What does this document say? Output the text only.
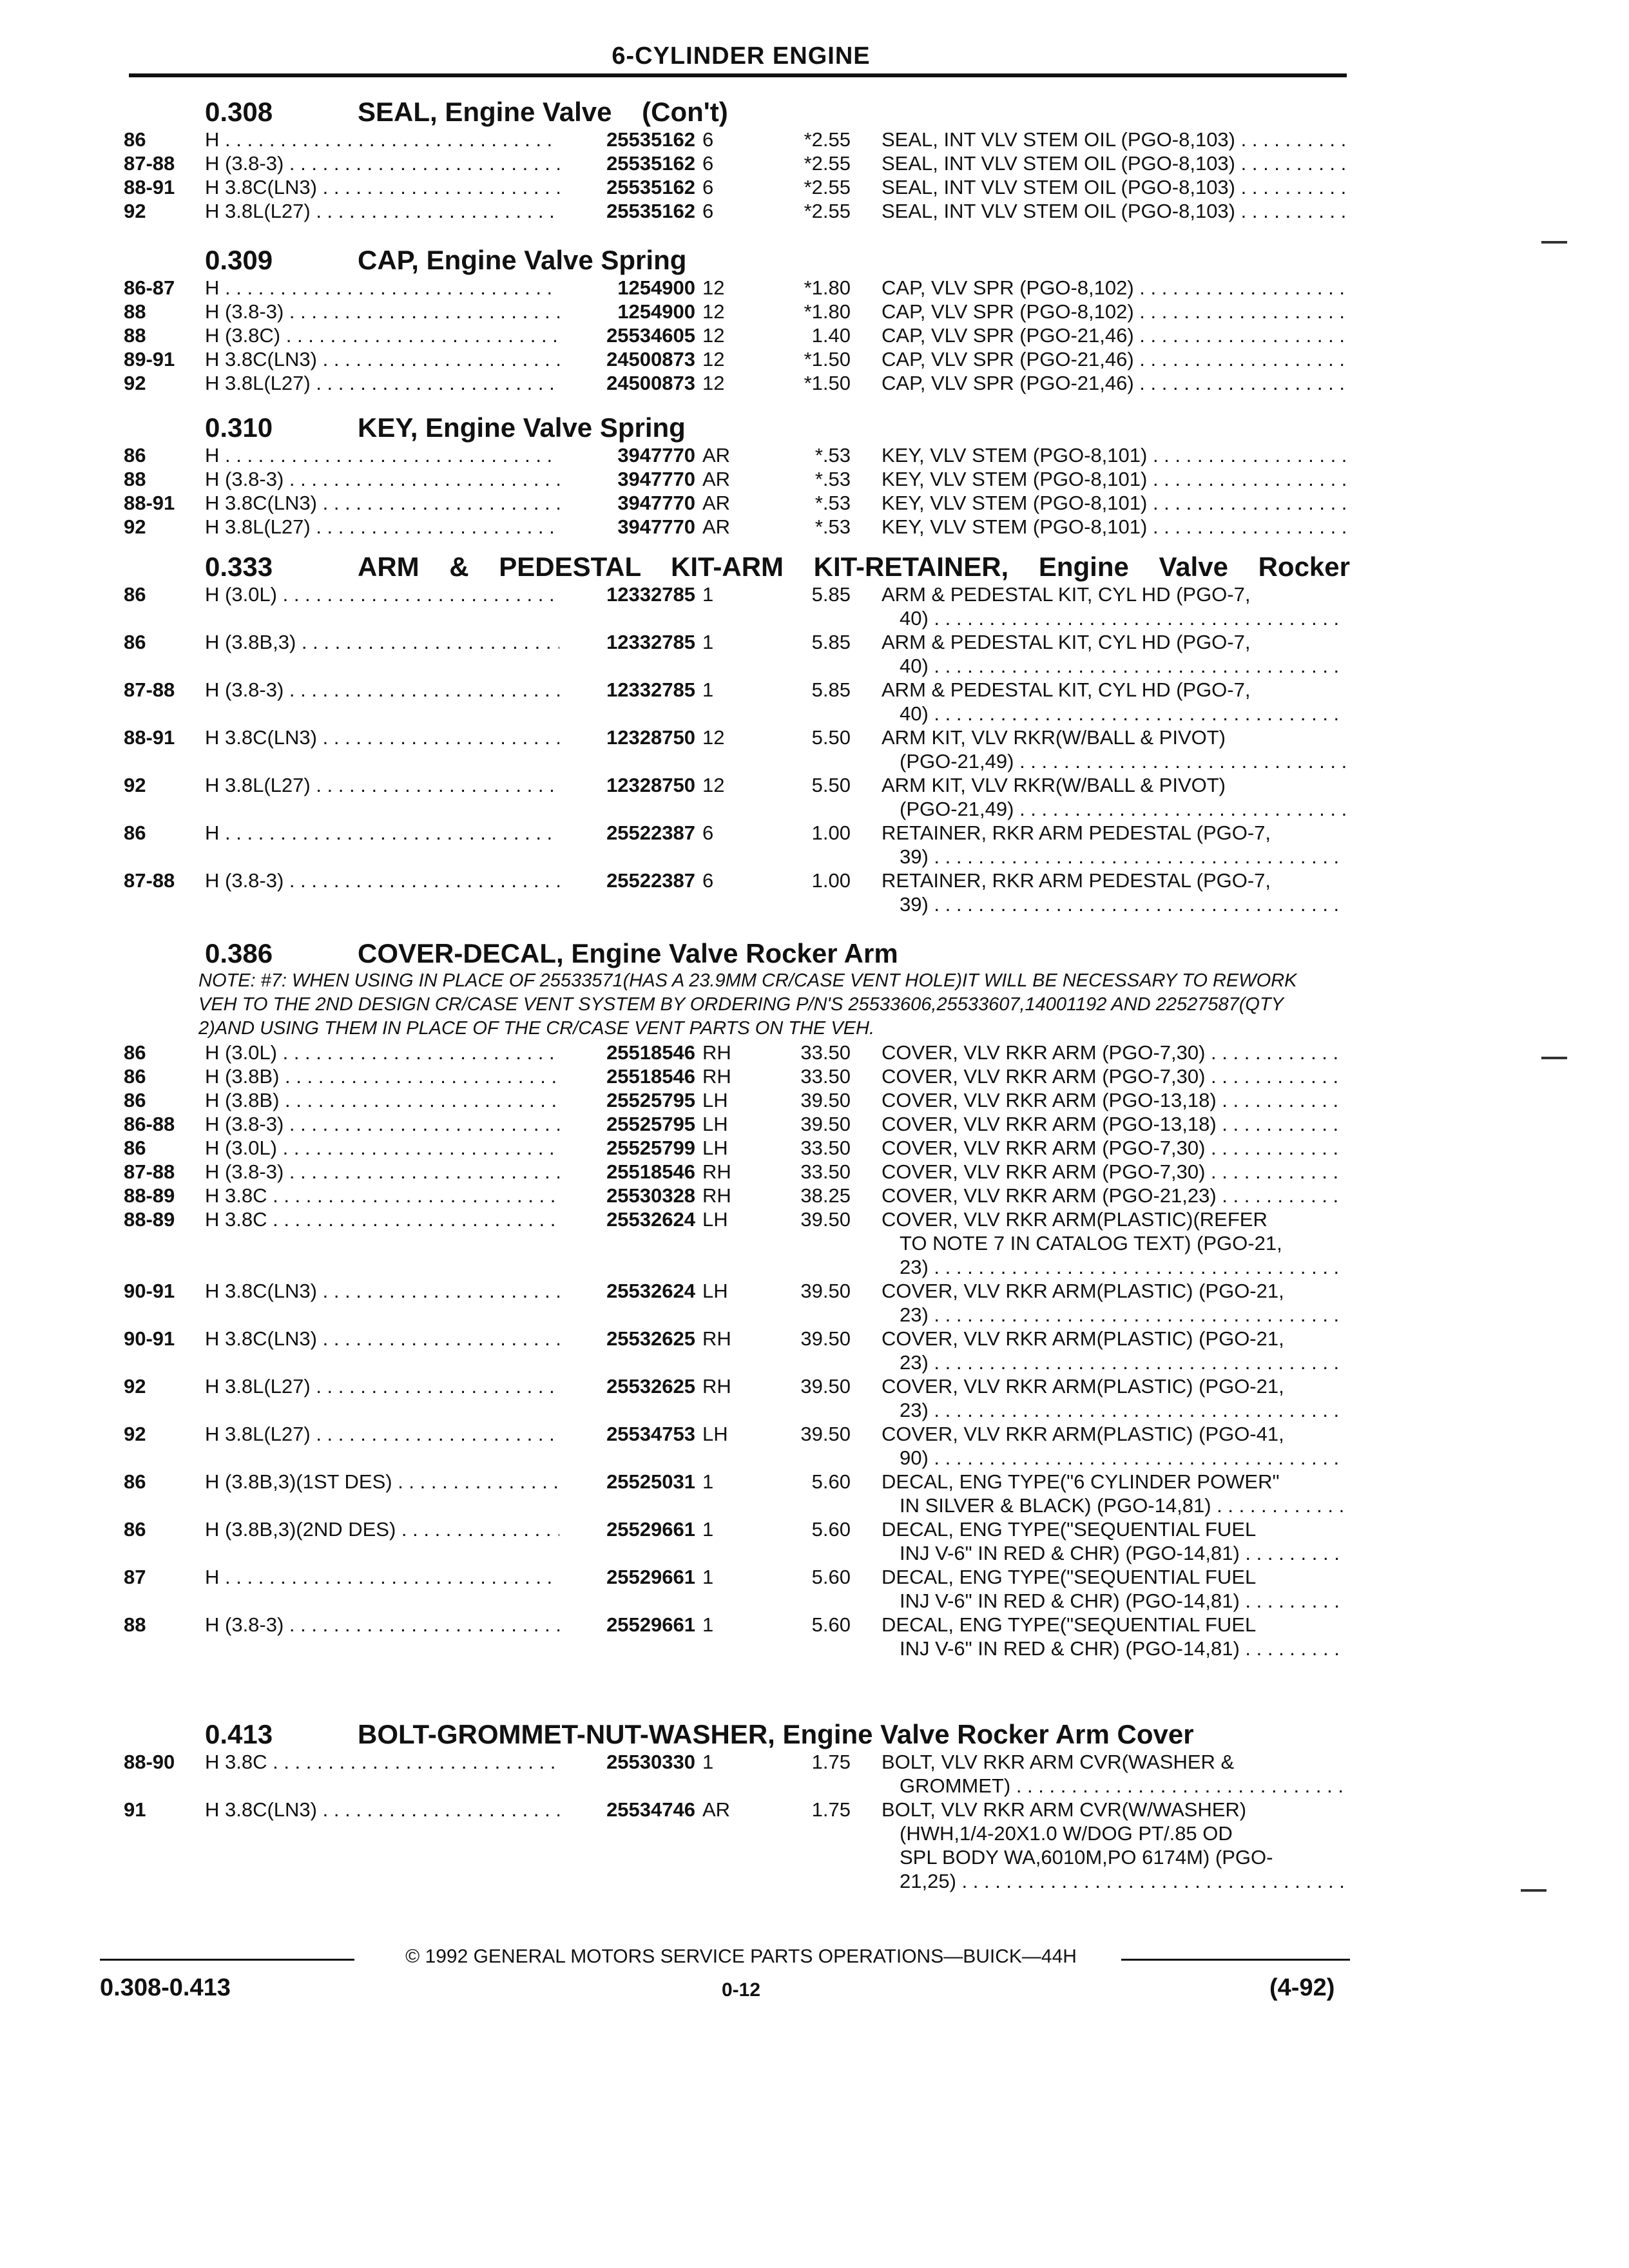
6-CYLINDER ENGINE
0.308	SEAL, Engine Valve    (Con't)
86	H . . .	25535162 6	*2.55 SEAL, INT VLV STEM OIL (PGO-8,103) . . .
87-88 H (3.8-3) . . .	25535162 6	*2.55 SEAL, INT VLV STEM OIL (PGO-8,103) . . .
88-91 H 3.8C(LN3) . . .	25535162 6	*2.55 SEAL, INT VLV STEM OIL (PGO-8,103) . . .
92	H 3.8L(L27) . . .	25535162 6	*2.55 SEAL, INT VLV STEM OIL (PGO-8,103) . . .
0.309	CAP, Engine Valve Spring
86-87 H . . .	1254900 12	*1.80 CAP, VLV SPR (PGO-8,102) . . .
88	H (3.8-3) . . .	1254900 12	*1.80 CAP, VLV SPR (PGO-8,102) . . .
88	H (3.8C) . . .	25534605 12	1.40 CAP, VLV SPR (PGO-21,46) . . .
89-91 H 3.8C(LN3) . . .	24500873 12	*1.50 CAP, VLV SPR (PGO-21,46) . . .
92	H 3.8L(L27) . . .	24500873 12	*1.50 CAP, VLV SPR (PGO-21,46) . . .
0.310	KEY, Engine Valve Spring
86	H . . .	3947770 AR	*.53 KEY, VLV STEM (PGO-8,101) . . .
88	H (3.8-3) . . .	3947770 AR	*.53 KEY, VLV STEM (PGO-8,101) . . .
88-91 H 3.8C(LN3) . . .	3947770 AR	*.53 KEY, VLV STEM (PGO-8,101) . . .
92	H 3.8L(L27) . . .	3947770 AR	*.53 KEY, VLV STEM (PGO-8,101) . . .
0.333	ARM & PEDESTAL KIT-ARM KIT-RETAINER, Engine Valve Rocker
86	H (3.0L) . . .	12332785 1	5.85 ARM & PEDESTAL KIT, CYL HD (PGO-7,
40) . . .
86	H (3.8B,3) . . .	12332785 1	5.85 ARM & PEDESTAL KIT, CYL HD (PGO-7,
40) . . .
87-88 H (3.8-3) . . .	12332785 1	5.85 ARM & PEDESTAL KIT, CYL HD (PGO-7,
40) . . .
88-91 H 3.8C(LN3) . . .	12328750 12	5.50 ARM KIT, VLV RKR(W/BALL & PIVOT)
(PGO-21,49) . . .
92	H 3.8L(L27) . . .	12328750 12	5.50 ARM KIT, VLV RKR(W/BALL & PIVOT)
(PGO-21,49) . . .
86	H . . .	25522387 6	1.00 RETAINER, RKR ARM PEDESTAL (PGO-7,
39) . . .
87-88 H (3.8-3) . . .	25522387 6	1.00 RETAINER, RKR ARM PEDESTAL (PGO-7,
39) . . .
0.386	COVER-DECAL, Engine Valve Rocker Arm
NOTE: #7: WHEN USING IN PLACE OF 25533571(HAS A 23.9MM CR/CASE VENT HOLE)IT WILL BE NECESSARY TO REWORK VEH TO THE 2ND DESIGN CR/CASE VENT SYSTEM BY ORDERING P/N'S 25533606,25533607,14001192 AND 22527587(QTY 2)AND USING THEM IN PLACE OF THE CR/CASE VENT PARTS ON THE VEH.
86	H (3.0L) . . .	25518546 RH	33.50 COVER, VLV RKR ARM (PGO-7,30) . . .
86	H (3.8B) . . .	25518546 RH	33.50 COVER, VLV RKR ARM (PGO-7,30) . . .
86	H (3.8B) . . .	25525795 LH	39.50 COVER, VLV RKR ARM (PGO-13,18) . . .
86-88 H (3.8-3) . . .	25525795 LH	39.50 COVER, VLV RKR ARM (PGO-13,18) . . .
86	H (3.0L) . . .	25525799 LH	33.50 COVER, VLV RKR ARM (PGO-7,30) . . .
87-88 H (3.8-3) . . .	25518546 RH	33.50 COVER, VLV RKR ARM (PGO-7,30) . . .
88-89 H 3.8C . . .	25530328 RH	38.25 COVER, VLV RKR ARM (PGO-21,23) . . .
88-89 H 3.8C . . .	25532624 LH	39.50 COVER, VLV RKR ARM(PLASTIC)(REFER
TO NOTE 7 IN CATALOG TEXT) (PGO-21,
23) . . .
90-91 H 3.8C(LN3) . . .	25532624 LH	39.50 COVER, VLV RKR ARM(PLASTIC) (PGO-21,
23) . . .
90-91 H 3.8C(LN3) . . .	25532625 RH	39.50 COVER, VLV RKR ARM(PLASTIC) (PGO-21,
23) . . .
92	H 3.8L(L27) . . .	25532625 RH	39.50 COVER, VLV RKR ARM(PLASTIC) (PGO-21,
23) . . .
92	H 3.8L(L27) . . .	25534753 LH	39.50 COVER, VLV RKR ARM(PLASTIC) (PGO-41,
90) . . .
86	H (3.8B,3)(1ST DES) . . .	25525031 1	5.60 DECAL, ENG TYPE("6 CYLINDER POWER"
IN SILVER & BLACK) (PGO-14,81) . . .
86	H (3.8B,3)(2ND DES) . . .	25529661 1	5.60 DECAL, ENG TYPE("SEQUENTIAL FUEL
INJ V-6" IN RED & CHR) (PGO-14,81) . . .
87	H . . .	25529661 1	5.60 DECAL, ENG TYPE("SEQUENTIAL FUEL
INJ V-6" IN RED & CHR) (PGO-14,81) . . .
88	H (3.8-3) . . .	25529661 1	5.60 DECAL, ENG TYPE("SEQUENTIAL FUEL
INJ V-6" IN RED & CHR) (PGO-14,81) . . .
0.413	BOLT-GROMMET-NUT-WASHER, Engine Valve Rocker Arm Cover
88-90 H 3.8C . . .	25530330 1	1.75 BOLT, VLV RKR ARM CVR(WASHER &
GROMMET) . . .
91	H 3.8C(LN3) . . .	25534746 AR	1.75 BOLT, VLV RKR ARM CVR(W/WASHER)
(HWH,1/4-20X1.0 W/DOG PT/.85 OD
SPL BODY WA,6010M,PO 6174M) (PGO-
21,25) . . .
© 1992 GENERAL MOTORS SERVICE PARTS OPERATIONS—BUICK—44H
0.308-0.413	0-12	(4-92)
